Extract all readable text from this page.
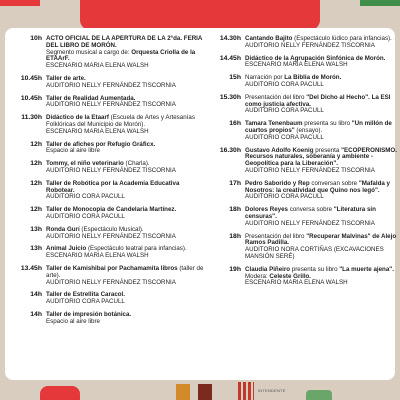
10h ACTO OFICIAL DE LA APERTURA DE LA 2°da. FERIA DEL LIBRO DE MORÓN.
Segmento musical a cargo de: Orquesta Criolla de la ETAArF.
ESCENARIO MARIA ELENA WALSH
10.45h Taller de arte.
AUDITORIO NELLY FERNÁNDEZ TISCORNIA
10.45h Taller de Realidad Aumentada.
AUDITORIO NELLY FERNÁNDEZ TISCORNIA
11.30h Didáctico de la Etaarf (Escuela de Artes y Artesanías Folklóricas del Municipio de Morón).
ESCENARIO MARIA ELENA WALSH
12h Taller de afiches por Refugio Gráficx.
Espacio al aire libre
12h Tommy, el niño veterinario (Charla).
AUDITORIO NELLY FERNÁNDEZ TISCORNIA
12h Taller de Robótica por la Academia Educativa Robotear.
AUDITORIO CORA PACULL
12h Taller de Monocopia de Candelaria Martínez.
AUDITORIO CORA PACULL
13h Ronda Gurí (Espectáculo Musical).
AUDITORIO NELLY FERNÁNDEZ TISCORNIA
13h Animal Juicio (Espectáculo teatral para infancias).
ESCENARIO MARIA ELENA WALSH
13.45h Taller de Kamishibai por Pachamamita libros (taller de arte).
AUDITORIO NELLY FERNÁNDEZ TISCORNIA
14h Taller de Estrellita Caracol.
AUDITORIO CORA PACULL
14h Taller de impresión botánica.
Espacio al aire libre
14.30h Cantando Bajito (Espectáculo lúdico para infancias).
AUDITORIO NELLY FERNÁNDEZ TISCORNIA
14.45h Didáctico de la Agrupación Sinfónica de Morón.
ESCENARIO MARIA ELENA WALSH
15h Narración por La Biblia de Morón.
AUDITORIO CORA PACULL
15.30h Presentación del libro "Del Dicho al Hecho". La ESI como justicia afectiva.
AUDITORIO CORA PACULL
16h Tamara Tenenbaum presenta su libro "Un millón de cuartos propios" (ensayo).
AUDITORIO CORA PACULL
16.30h Gustavo Adolfo Koenig presenta "ECOPERONISMO. Recursos naturales, soberanía y ambiente - Geopolítica para la Liberación".
AUDITORIO NELLY FERNÁNDEZ TISCORNIA
17h Pedro Saborido y Rep conversan sobre "Mafalda y Nosotros: la creatividad que Quino nos legó".
AUDITORIO CORA PACULL
18h Dolores Reyes conversa sobre "Literatura sin censuras".
AUDITORIO NELLY FERNÁNDEZ TISCORNIA
18h Presentación del libro "Recuperar Malvinas" de Alejo Ramos Padilla.
AUDITORIO NORA CORTIÑAS (EXCAVACIONES MANSIÓN SERÉ)
19h Claudia Piñeiro presenta su libro "La muerte ajena". Modera: Celeste Grillo.
ESCENARIO MARIA ELENA WALSH
INTENDENTE
